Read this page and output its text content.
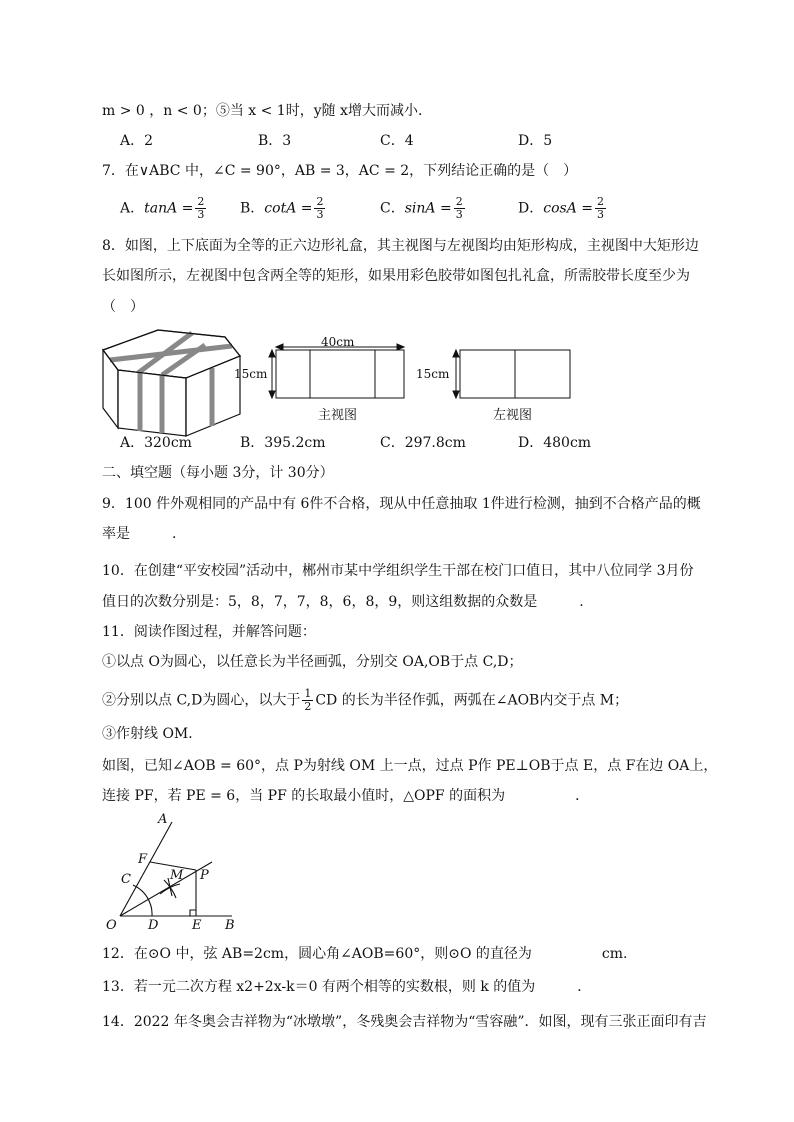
m > 0 ，n < 0；⑤当 x < 1时，y随 x增大而减小．
A．2	B．3	C．4	D．5
7．在∨ABC 中，∠C = 90°，AB = 3，AC = 2，下列结论正确的是（　）
A．$\tan A = \frac{2}{3}$ B．$\cot A = \frac{2}{3}$	C．$\sin A = \frac{2}{3}$	D．$\cos A = \frac{2}{3}$
8．如图，上下底面为全等的正六边形礼盒，其主视图与左视图均由矩形构成，主视图中大矩形边
长如图所示，左视图中包含两全等的矩形，如果用彩色胶带如图包扎礼盒，所需胶带长度至少为
（　）
40cm
15cm	15cm
主视图	左视图
A．320cm	B．395.2cm	C．297.8cm	D．480cm
二、填空题（每小题 3分，计 30分）
9．100 件外观相同的产品中有 6件不合格，现从中任意抽取 1件进行检测，抽到不合格产品的概
率是　　　.
10．在创建“平安校园”活动中，郴州市某中学组织学生干部在校门口值日，其中八位同学 3月份
值日的次数分别是：5，8，7，7，8，6，8，9，则这组数据的众数是　　　.
11．阅读作图过程，并解答问题：
①以点 O为圆心，以任意长为半径画弧，分别交 OA,OB于点 C,D；
②分别以点 C,D为圆心，以大于 $\frac{1}{2}$ CD 的长为半径作弧，两弧在∠AOB内交于点 M；
③作射线 OM．
如图，已知∠AOB = 60°，点 P为射线 OM 上一点，过点 P作 PE⊥OB于点 E，点 F在边 OA上，
连接 PF，若 PE = 6，当 PF 的长取最小值时，△OPF 的面积为　　　　　．
A
F
C	M P
O D	E B
12．在⊙O 中，弦 AB=2cm，圆心角∠AOB=60°，则⊙O 的直径为　　　　　cm.
13．若一元二次方程 x2+2x-k＝0 有两个相等的实数根，则 k 的值为　　　．
14．2022 年冬奥会吉祥物为“冰墩墩”，冬残奥会吉祥物为“雪容融”．如图，现有三张正面印有吉
